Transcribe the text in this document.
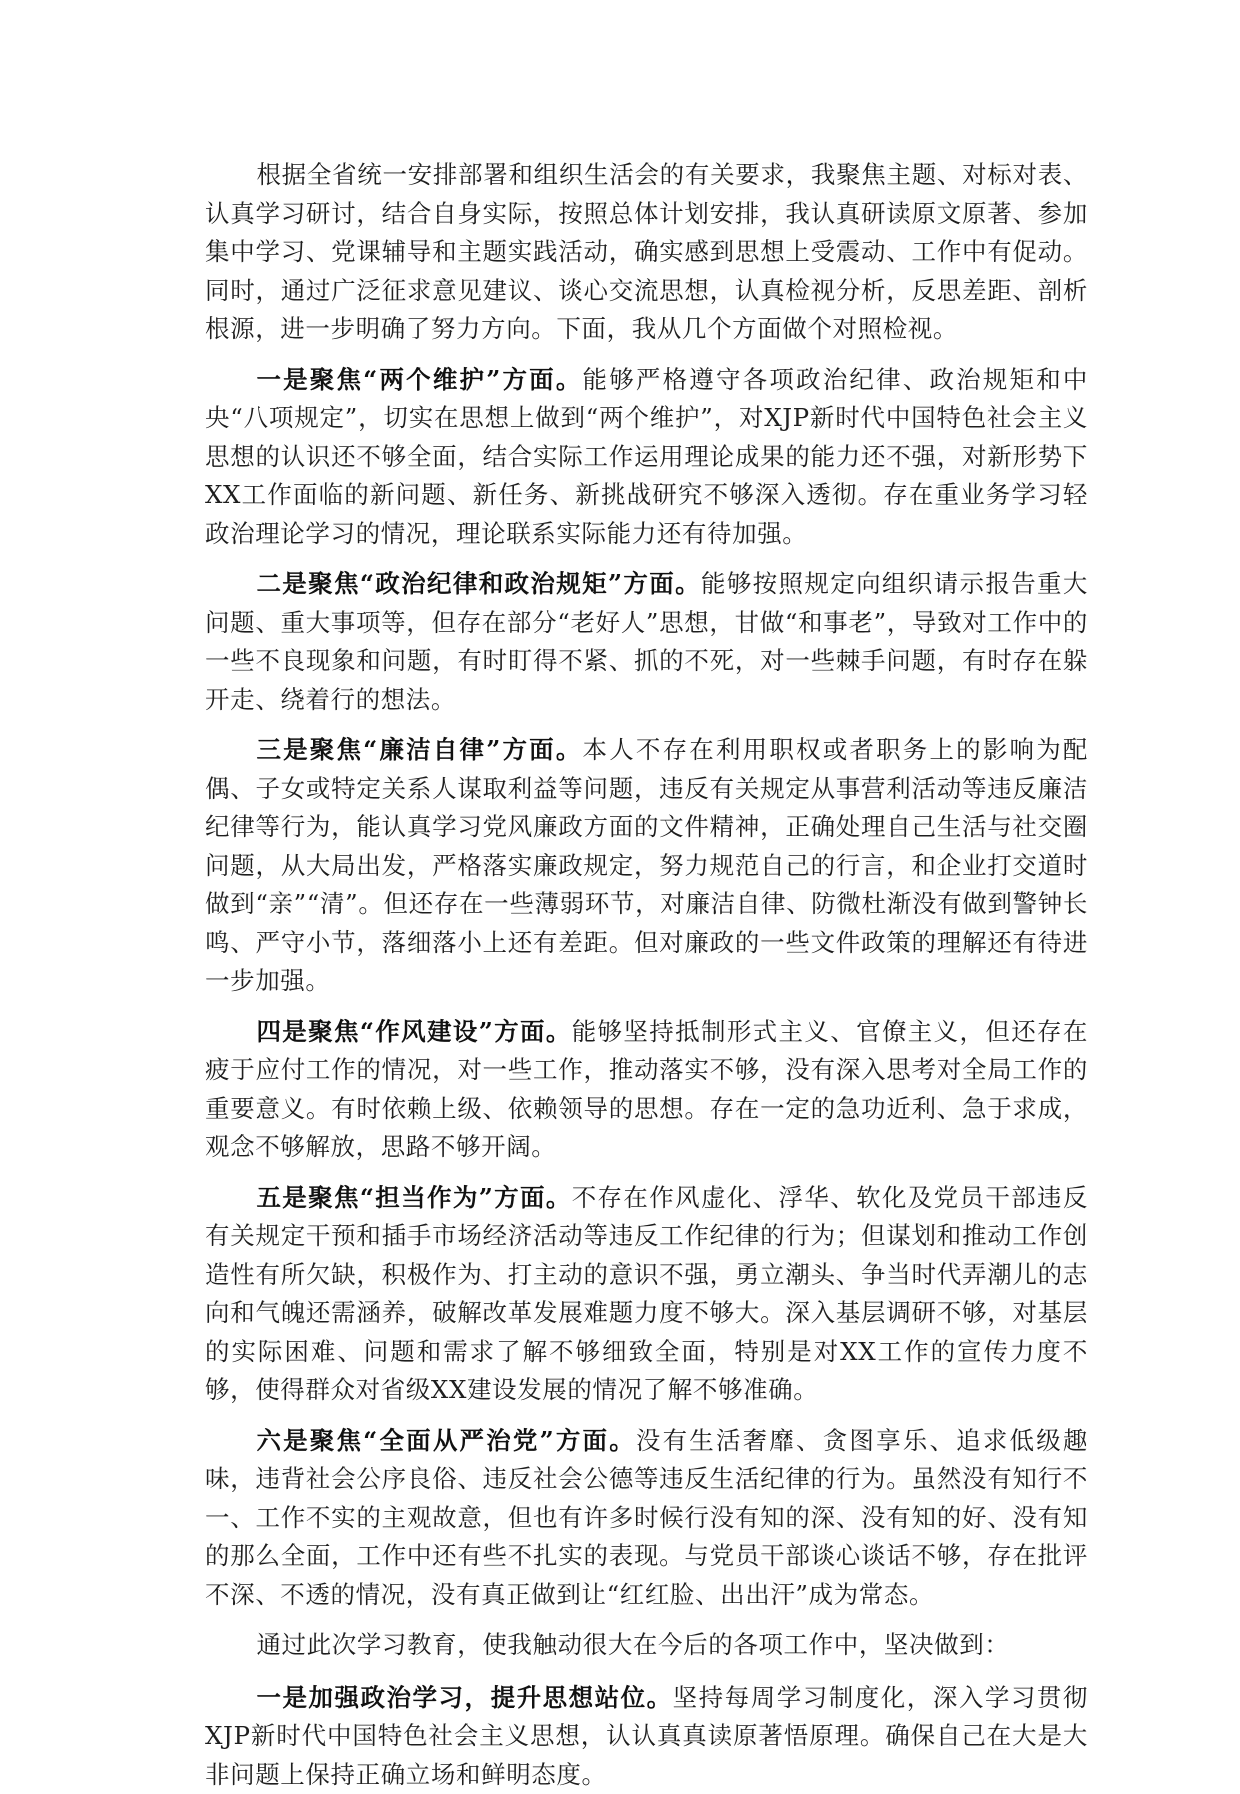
根据全省统一安排部署和组织生活会的有关要求，我聚焦主题、对标对表、认真学习研讨，结合自身实际，按照总体计划安排，我认真研读原文原著、参加集中学习、党课辅导和主题实践活动，确实感到思想上受震动、工作中有促动。同时，通过广泛征求意见建议、谈心交流思想，认真检视分析，反思差距、剖析根源，进一步明确了努力方向。下面，我从几个方面做个对照检视。

一是聚焦“两个维护”方面。能够严格遵守各项政治纪律、政治规矩和中央“八项规定”，切实在思想上做到“两个维护”，对XJP新时代中国特色社会主义思想的认识还不够全面，结合实际工作运用理论成果的能力还不强，对新形势下XX工作面临的新问题、新任务、新挑战研究不够深入透彻。存在重业务学习轻政治理论学习的情况，理论联系实际能力还有待加强。

二是聚焦“政治纪律和政治规矩”方面。能够按照规定向组织请示报告重大问题、重大事项等，但存在部分“老好人”思想，甘做“和事老”，导致对工作中的一些不良现象和问题，有时盯得不紧、抓的不死，对一些棘手问题，有时存在躲开走、绕着行的想法。

三是聚焦“廉洁自律”方面。本人不存在利用职权或者职务上的影响为配偶、子女或特定关系人谋取利益等问题，违反有关规定从事营利活动等违反廉洁纪律等行为，能认真学习党风廉政方面的文件精神，正确处理自己生活与社交圈问题，从大局出发，严格落实廉政规定，努力规范自己的行言，和企业打交道时做到“亲”“清”。但还存在一些薄弱环节，对廉洁自律、防微杜渐没有做到警钟长鸣、严守小节，落细落小上还有差距。但对廉政的一些文件政策的理解还有待进一步加强。

四是聚焦“作风建设”方面。能够坚持抵制形式主义、官僚主义，但还存在疲于应付工作的情况，对一些工作，推动落实不够，没有深入思考对全局工作的重要意义。有时依赖上级、依赖领导的思想。存在一定的急功近利、急于求成，观念不够解放，思路不够开阔。

五是聚焦“担当作为”方面。不存在作风虚化、浮华、软化及党员干部违反有关规定干预和插手市场经济活动等违反工作纪律的行为；但谋划和推动工作创造性有所欠缺，积极作为、打主动的意识不强，勇立潮头、争当时代弄潮儿的志向和气魄还需涵养，破解改革发展难题力度不够大。深入基层调研不够，对基层的实际困难、问题和需求了解不够细致全面，特别是对XX工作的宣传力度不够，使得群众对省级XX建设发展的情况了解不够准确。

六是聚焦“全面从严治党”方面。没有生活奢靡、贪图享乐、追求低级趣味，违背社会公序良俗、违反社会公德等违反生活纪律的行为。虽然没有知行不一、工作不实的主观故意，但也有许多时候行没有知的深、没有知的好、没有知的那么全面，工作中还有些不扎实的表现。与党员干部谈心谈话不够，存在批评不深、不透的情况，没有真正做到让“红红脸、出出汗”成为常态。

通过此次学习教育，使我触动很大在今后的各项工作中，坚决做到：

一是加强政治学习，提升思想站位。坚持每周学习制度化，深入学习贯彻XJP新时代中国特色社会主义思想，认认真真读原著悟原理。确保自己在大是大非问题上保持正确立场和鲜明态度。
